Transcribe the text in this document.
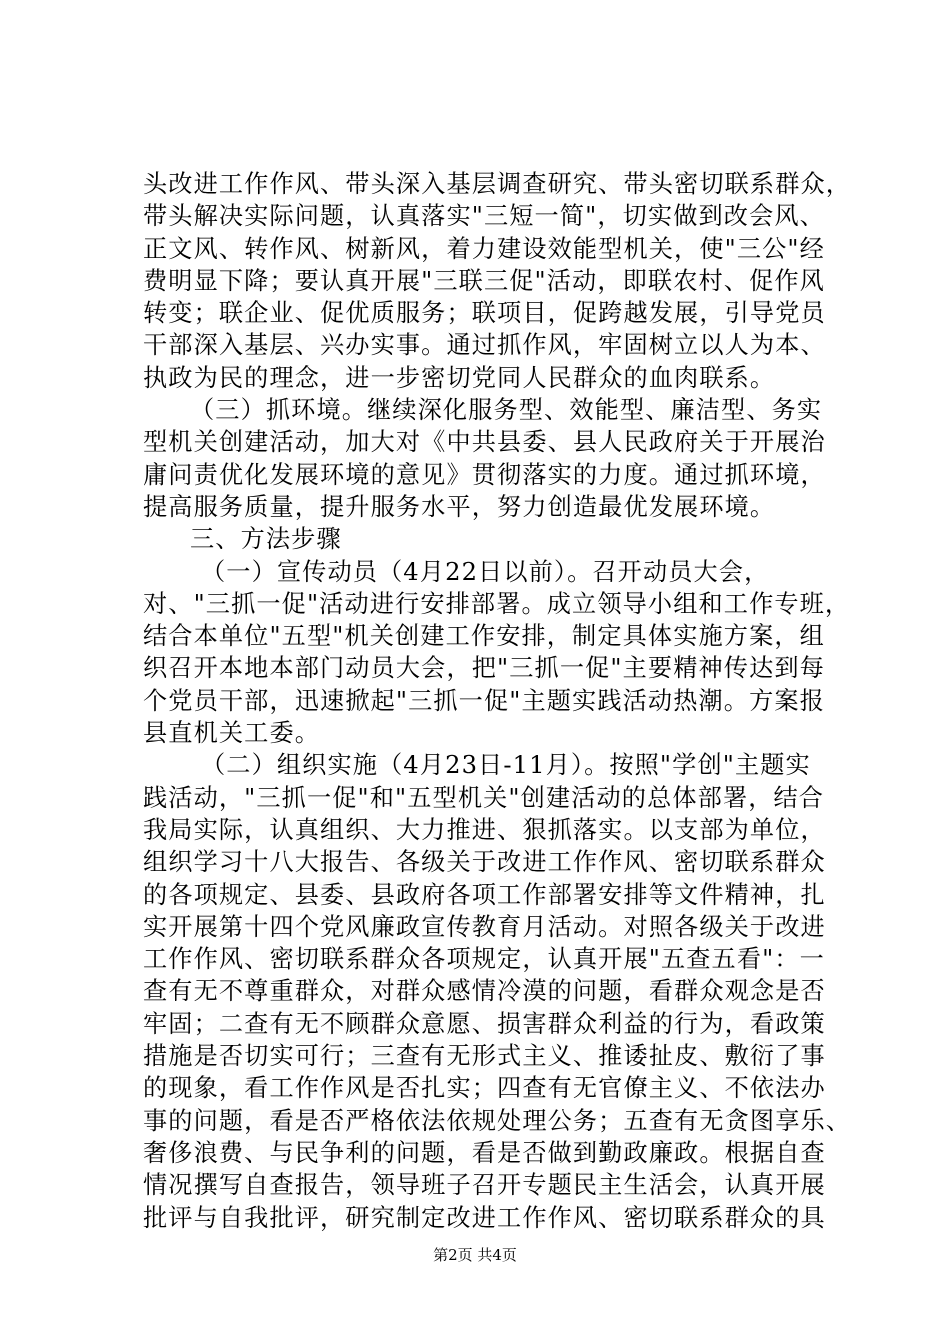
头改进工作作风、带头深入基层调查研究、带头密切联系群众，
带头解决实际问题，认真落实"三短一简"，切实做到改会风、
正文风、转作风、树新风，着力建设效能型机关，使"三公"经
费明显下降；要认真开展"三联三促"活动，即联农村、促作风
转变；联企业、促优质服务；联项目，促跨越发展，引导党员
干部深入基层、兴办实事。通过抓作风，牢固树立以人为本、
执政为民的理念，进一步密切党同人民群众的血肉联系。
（三）抓环境。继续深化服务型、效能型、廉洁型、务实
型机关创建活动，加大对《中共县委、县人民政府关于开展治
庸问责优化发展环境的意见》贯彻落实的力度。通过抓环境，
提高服务质量，提升服务水平，努力创造最优发展环境。
三、方法步骤
（一）宣传动员（4月22日以前）。召开动员大会，
对、"三抓一促"活动进行安排部署。成立领导小组和工作专班，
结合本单位"五型"机关创建工作安排，制定具体实施方案，组
织召开本地本部门动员大会，把"三抓一促"主要精神传达到每
个党员干部，迅速掀起"三抓一促"主题实践活动热潮。方案报
县直机关工委。
（二）组织实施（4月23日-11月）。按照"学创"主题实
践活动，"三抓一促"和"五型机关"创建活动的总体部署，结合
我局实际，认真组织、大力推进、狠抓落实。以支部为单位，
组织学习十八大报告、各级关于改进工作作风、密切联系群众
的各项规定、县委、县政府各项工作部署安排等文件精神，扎
实开展第十四个党风廉政宣传教育月活动。对照各级关于改进
工作作风、密切联系群众各项规定，认真开展"五查五看"：一
查有无不尊重群众，对群众感情冷漠的问题，看群众观念是否
牢固；二查有无不顾群众意愿、损害群众利益的行为，看政策
措施是否切实可行；三查有无形式主义、推诿扯皮、敷衍了事
的现象，看工作作风是否扎实；四查有无官僚主义、不依法办
事的问题，看是否严格依法依规处理公务；五查有无贪图享乐、
奢侈浪费、与民争利的问题，看是否做到勤政廉政。根据自查
情况撰写自查报告，领导班子召开专题民主生活会，认真开展
批评与自我批评，研究制定改进工作作风、密切联系群众的具
第2页 共4页
